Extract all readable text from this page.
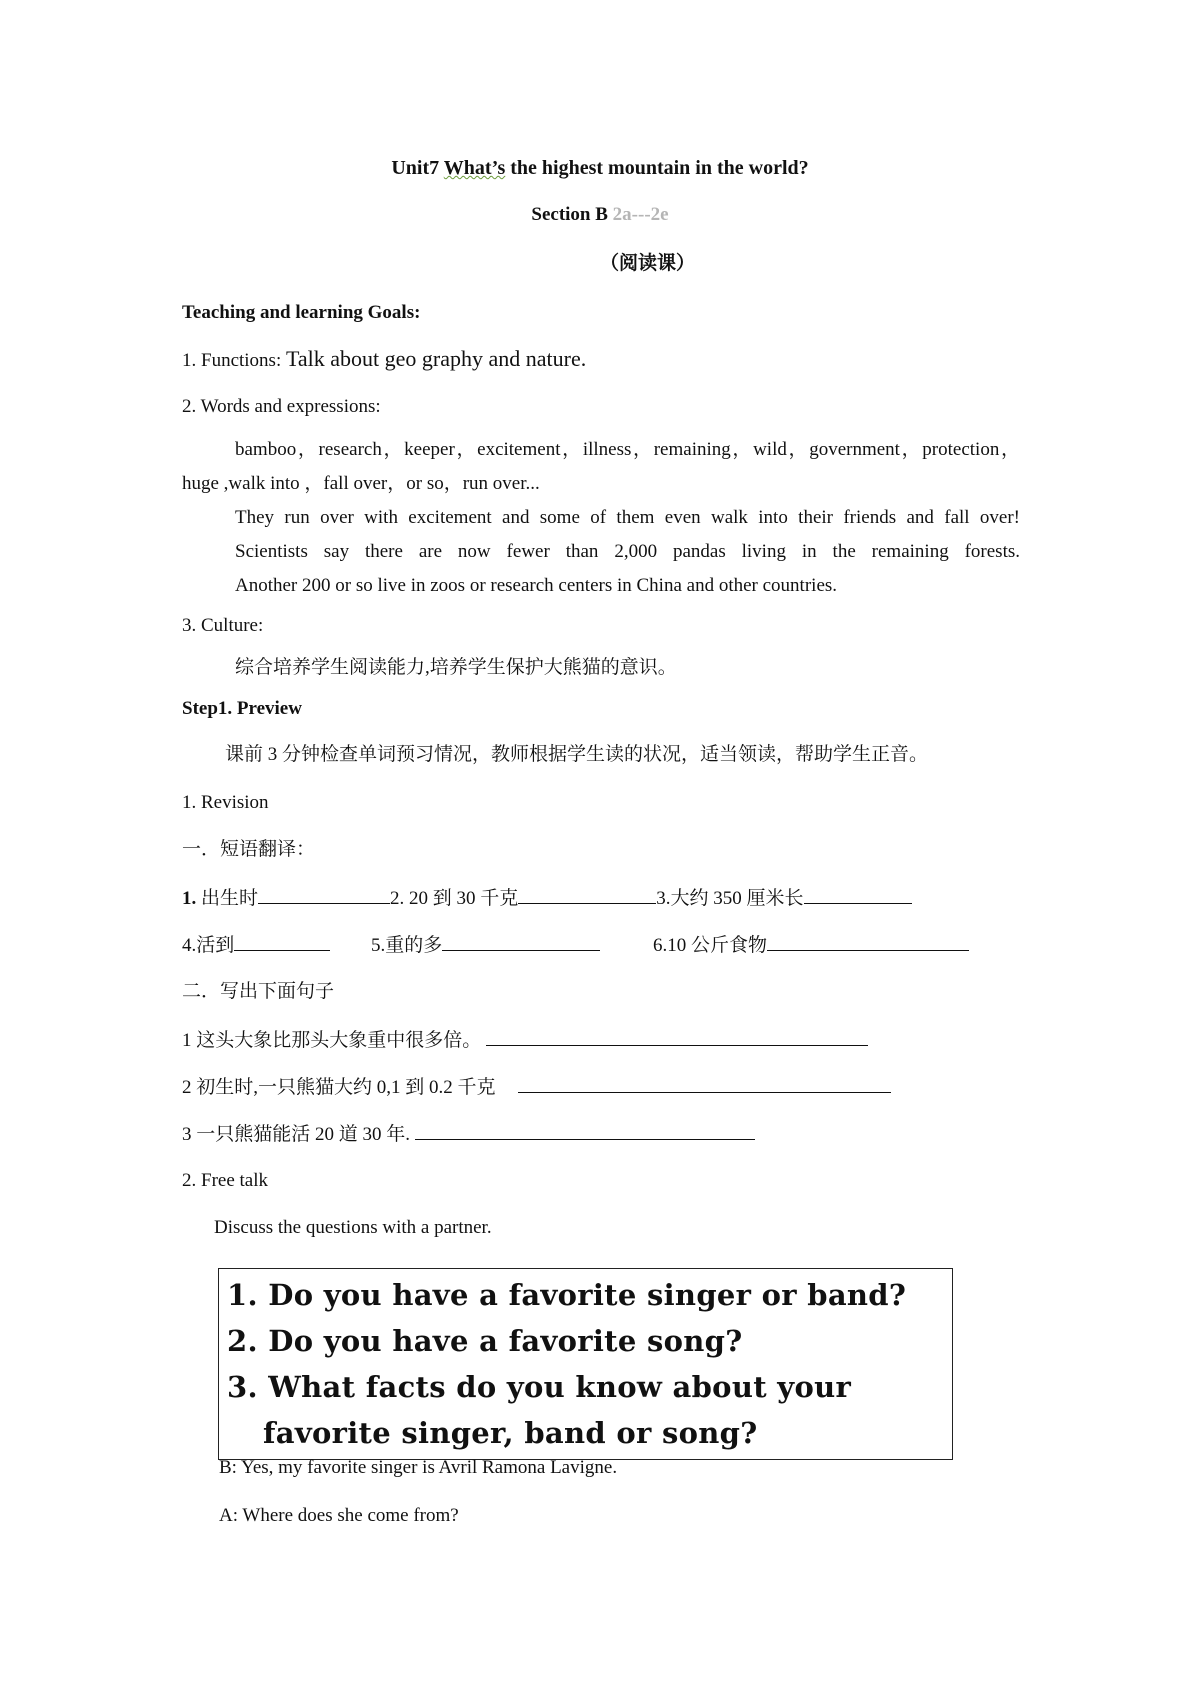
Unit7 What’s the highest mountain in the world?
Section B 2a---2e
（阅读课）
Teaching and learning Goals:
1. Functions: Talk about geo graphy and nature.
2. Words and expressions:
bamboo，research，keeper，excitement，illness，remaining，wild，government，protection，
huge ,walk into ，fall over，or so，run over...
They run over with excitement and some of them even walk into their friends and fall over!
Scientists say there are now fewer than 2,000 pandas living in the remaining forests.
Another 200 or so live in zoos or research centers in China and other countries.
3. Culture:
综合培养学生阅读能力,培养学生保护大熊猫的意识。
Step1. Preview
课前 3 分钟检查单词预习情况，教师根据学生读的状况，适当领读，帮助学生正音。
1. Revision
一．短语翻译：
1. 出生时	2. 20 到 30 千克	3.大约 350 厘米长
4.活到	5.重的多	6.10 公斤食物
二．写出下面句子
1 这头大象比那头大象重中很多倍。
2 初生时,一只熊猫大约 0,1 到 0.2 千克
3 一只熊猫能活 20 道 30 年.
2. Free talk
Discuss the questions with a partner.
1. Do you have a favorite singer or band?
2. Do you have a favorite song?
3. What facts do you know about your
favorite singer, band or song?
B: Yes, my favorite singer is Avril Ramona Lavigne.
A: Where does she come from?
